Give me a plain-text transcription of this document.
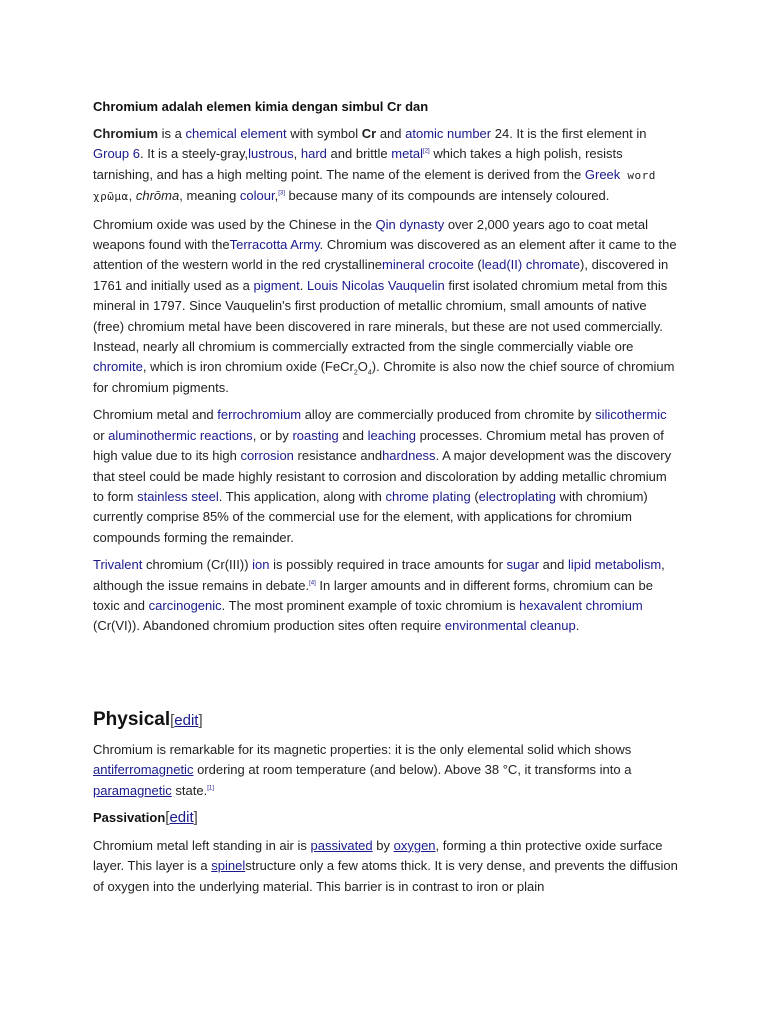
Chromium adalah elemen kimia dengan simbul Cr dan

Chromium is a chemical element with symbol Cr and atomic number 24. It is the first element in Group 6. It is a steely-gray,lustrous, hard and brittle metal[2] which takes a high polish, resists tarnishing, and has a high melting point. The name of the element is derived from the Greek word χρῶμα, chrōma, meaning colour,[3] because many of its compounds are intensely coloured.

Chromium oxide was used by the Chinese in the Qin dynasty over 2,000 years ago to coat metal weapons found with theTerracotta Army. Chromium was discovered as an element after it came to the attention of the western world in the red crystallinemineral crocoite (lead(II) chromate), discovered in 1761 and initially used as a pigment. Louis Nicolas Vauquelin first isolated chromium metal from this mineral in 1797. Since Vauquelin's first production of metallic chromium, small amounts of native (free) chromium metal have been discovered in rare minerals, but these are not used commercially. Instead, nearly all chromium is commercially extracted from the single commercially viable ore chromite, which is iron chromium oxide $(FeCr_2O_4)$. Chromite is also now the chief source of chromium for chromium pigments.

Chromium metal and ferrochromium alloy are commercially produced from chromite by silicothermic or aluminothermic reactions, or by roasting and leaching processes. Chromium metal has proven of high value due to its high corrosion resistance andhardness. A major development was the discovery that steel could be made highly resistant to corrosion and discoloration by adding metallic chromium to form stainless steel. This application, along with chrome plating (electroplating with chromium) currently comprise 85% of the commercial use for the element, with applications for chromium compounds forming the remainder.

Trivalent chromium (Cr(III)) ion is possibly required in trace amounts for sugar and lipid metabolism, although the issue remains in debate.[4] In larger amounts and in different forms, chromium can be toxic and carcinogenic. The most prominent example of toxic chromium is hexavalent chromium (Cr(VI)). Abandoned chromium production sites often require environmental cleanup.

Physical[edit]

Chromium is remarkable for its magnetic properties: it is the only elemental solid which shows antiferromagnetic ordering at room temperature (and below). Above 38 °C, it transforms into a paramagnetic state.[1]

Passivation[edit]

Chromium metal left standing in air is passivated by oxygen, forming a thin protective oxide surface layer. This layer is a spinelstructure only a few atoms thick. It is very dense, and prevents the diffusion of oxygen into the underlying material. This barrier is in contrast to iron or plain
